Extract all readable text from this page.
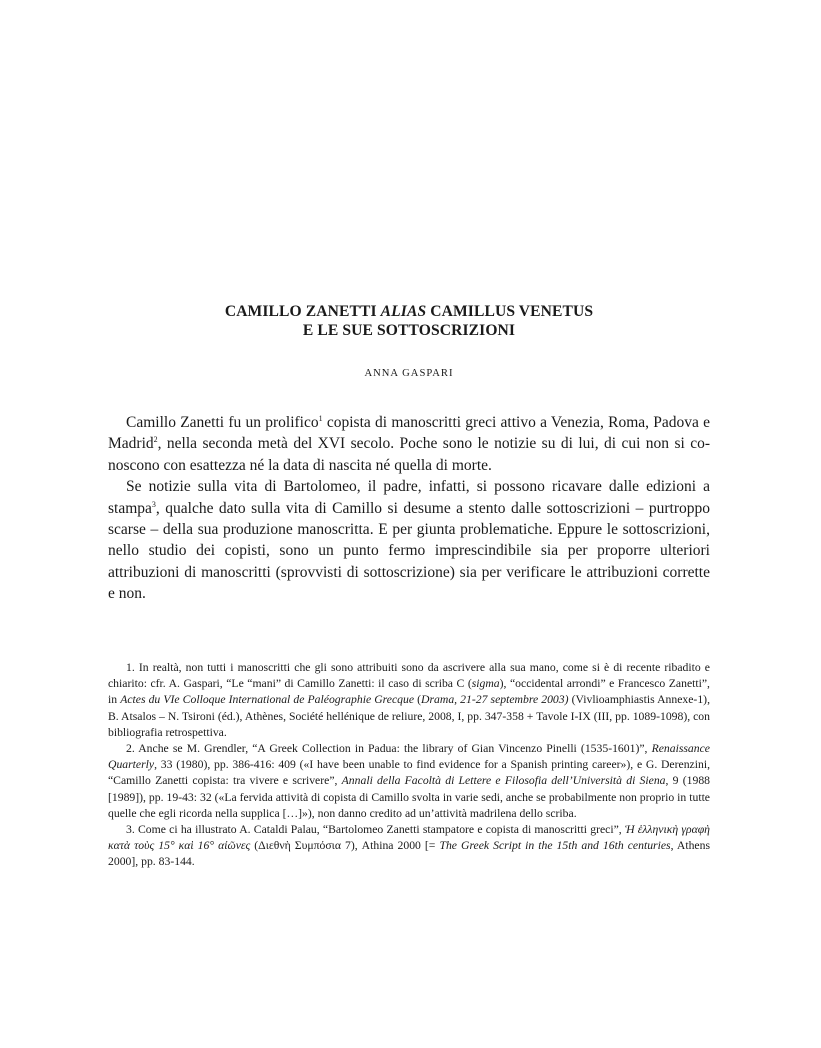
CAMILLO ZANETTI ALIAS CAMILLUS VENETUS
E LE SUE SOTTOSCRIZIONI
ANNA GASPARI

Camillo Zanetti fu un prolifico$^1$ copista di manoscritti greci attivo a Venezia, Roma, Padova e Madrid$^2$, nella seconda metà del XVI secolo. Poche sono le notizie su di lui, di cui non si conoscono con esattezza né la data di nascita né quella di morte.

Se notizie sulla vita di Bartolomeo, il padre, infatti, si possono ricavare dalle edizioni a stampa$^3$, qualche dato sulla vita di Camillo si desume a stento dalle sottoscrizioni – purtroppo scarse – della sua produzione manoscritta. E per giunta problematiche. Eppure le sottoscrizioni, nello studio dei copisti, sono un punto fermo imprescindibile sia per proporre ulteriori attribuzioni di manoscritti (sprovvisti di sottoscrizione) sia per verificare le attribuzioni corrette e non.

1. In realtà, non tutti i manoscritti che gli sono attribuiti sono da ascrivere alla sua mano, come si è di recente ribadito e chiarito: cfr. A. Gaspari, “Le “mani” di Camillo Zanetti: il caso di scriba C (sigma), “occidental arrondi” e Francesco Zanetti”, in Actes du VIe Colloque International de Paléographie Grecque (Drama, 21-27 septembre 2003) (Vivlioamphiastis Annexe-1), B. Atsalos – N. Tsironi (éd.), Athènes, Société hellénique de reliure, 2008, I, pp. 347-358 + Tavole I-IX (III, pp. 1089-1098), con bibliografia retrospettiva.

2. Anche se M. Grendler, “A Greek Collection in Padua: the library of Gian Vincenzo Pinelli (1535-1601)”, Renaissance Quarterly, 33 (1980), pp. 386-416: 409 («I have been unable to find evidence for a Spanish printing career»), e G. Derenzini, “Camillo Zanetti copista: tra vivere e scrivere”, Annali della Facoltà di Lettere e Filosofia dell’Università di Siena, 9 (1988 [1989]), pp. 19-43: 32 («La fervida attività di copista di Camillo svolta in varie sedi, anche se probabilmente non proprio in tutte quelle che egli ricorda nella supplica […]»), non danno credito ad un’attività madrilena dello scriba.

3. Come ci ha illustrato A. Cataldi Palau, “Bartolomeo Zanetti stampatore e copista di manoscritti greci”, Ἡ ἑλληνικὴ γραφὴ κατὰ τοὺς 15° καὶ 16° αἰῶνες (Διεθνὴ Συμπόσια 7), Athina 2000 [= The Greek Script in the 15th and 16th centuries, Athens 2000], pp. 83-144.
